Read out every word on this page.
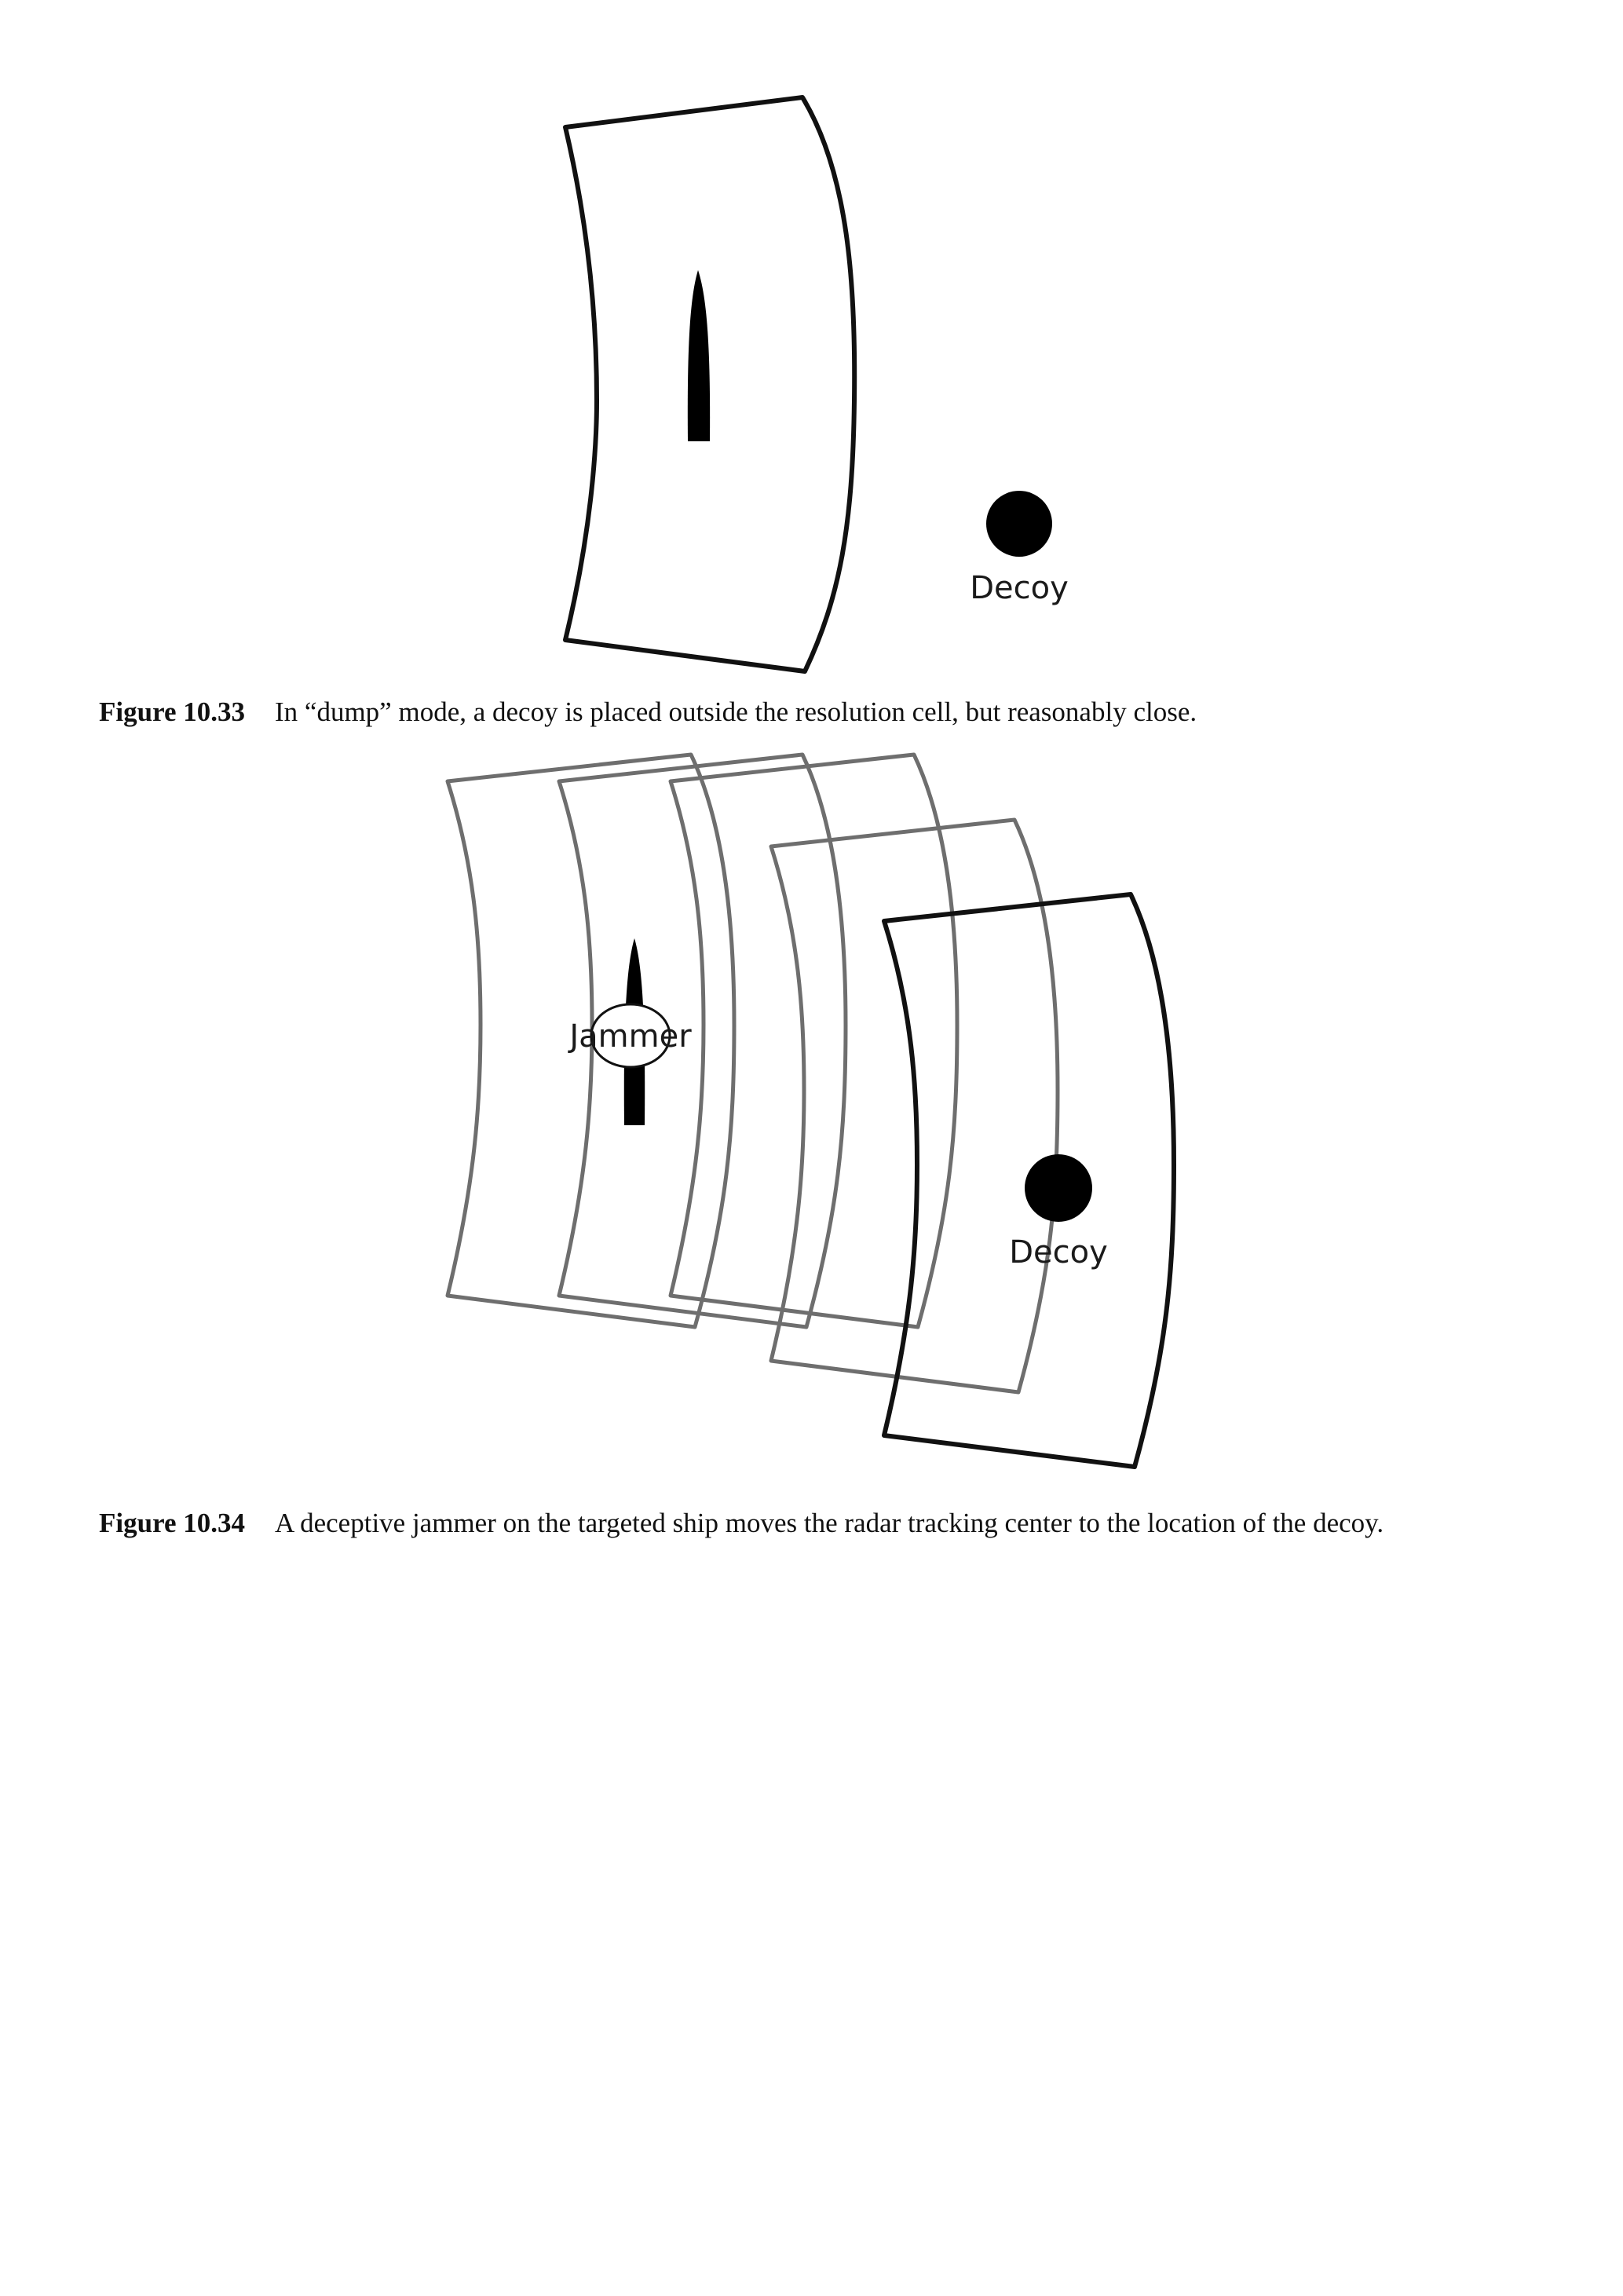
Decoy
Figure 10.33 In “dump” mode, a decoy is placed outside the resolution cell, but reasonably close.
Jammer
Decoy
Figure 10.34 A deceptive jammer on the targeted ship moves the radar tracking center to the location of the decoy.
